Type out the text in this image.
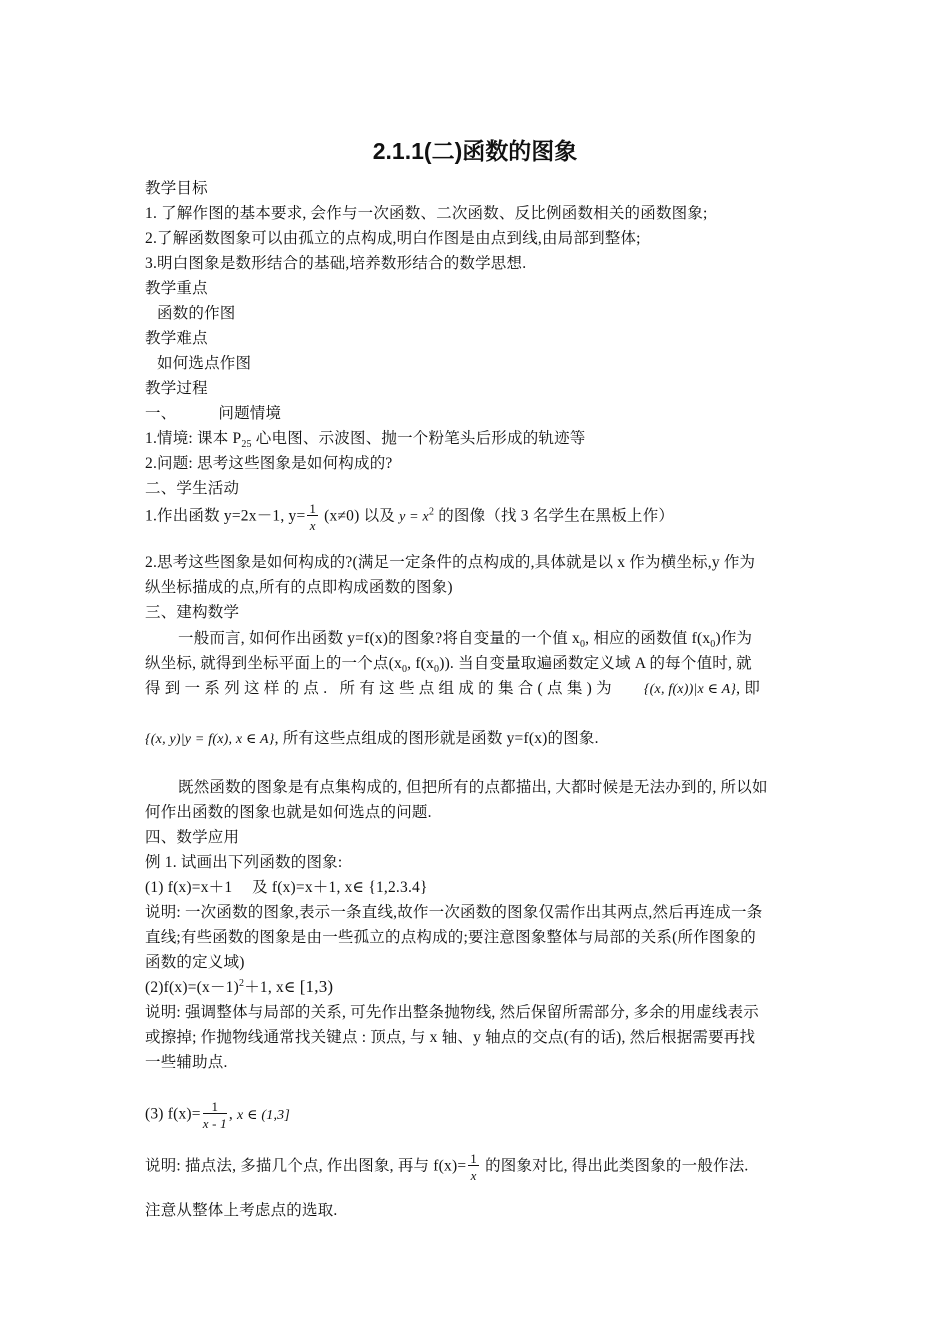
2.1.1(二)函数的图象
教学目标
1. 了解作图的基本要求, 会作与一次函数、二次函数、反比例函数相关的函数图象;
2.了解函数图象可以由孤立的点构成,明白作图是由点到线,由局部到整体;
3.明白图象是数形结合的基础,培养数形结合的数学思想.
教学重点
函数的作图
教学难点
如何选点作图
教学过程
一、	问题情境
1.情境: 课本 $P_{25}$ 心电图、示波图、抛一个粉笔头后形成的轨迹等
2.问题: 思考这些图象是如何构成的?
二、学生活动
1.作出函数 y=2x－1, $y= \frac{1}{x} (x\ne 0)$ 以及 $y = x^2$ 的图像（找 3 名学生在黑板上作）
2.思考这些图象是如何构成的?(满足一定条件的点构成的,具体就是以 x 作为横坐标,y 作为
纵坐标描成的点,所有的点即构成函数的图象)
三、建构数学
一般而言, 如何作出函数 y=f(x)的图象?将自变量的一个值 $x_0$, 相应的函数值 $f(x_0)$作为
纵坐标, 就得到坐标平面上的一个点($x_0$, $f(x_0)$). 当自变量取遍函数定义域 A 的每个值时, 就
得到一系列这样的点. 所有这些点组成的集合(点集)为 {(x, f(x))|x ∈ A}, 即
{(x, y)|y = f(x), x ∈ A}, 所有这些点组成的图形就是函数 y=f(x)的图象.
既然函数的图象是有点集构成的, 但把所有的点都描出, 大都时候是无法办到的, 所以如
何作出函数的图象也就是如何选点的问题.
四、数学应用
例 1. 试画出下列函数的图象:
(1) f(x)=x＋1　 及 f(x)=x＋1, x∈ {1,2.3.4}
说明: 一次函数的图象,表示一条直线,故作一次函数的图象仅需作出其两点,然后再连成一条
直线;有些函数的图象是由一些孤立的点构成的;要注意图象整体与局部的关系(所作图象的
函数的定义域)
$(2)f(x)=(x-1)^2+1$, x∈ [1,3)
说明: 强调整体与局部的关系, 可先作出整条抛物线, 然后保留所需部分, 多余的用虚线表示
或擦掉; 作抛物线通常找关键点 : 顶点, 与 x 轴、y 轴点的交点(有的话), 然后根据需要再找
一些辅助点.
(3) $f(x)= \frac{1}{x - 1}$ , x ∈ (1,3]
说明: 描点法, 多描几个点, 作出图象, 再与 $f(x)= \frac{1}{x}$ 的图象对比, 得出此类图象的一般作法.
注意从整体上考虑点的选取.
